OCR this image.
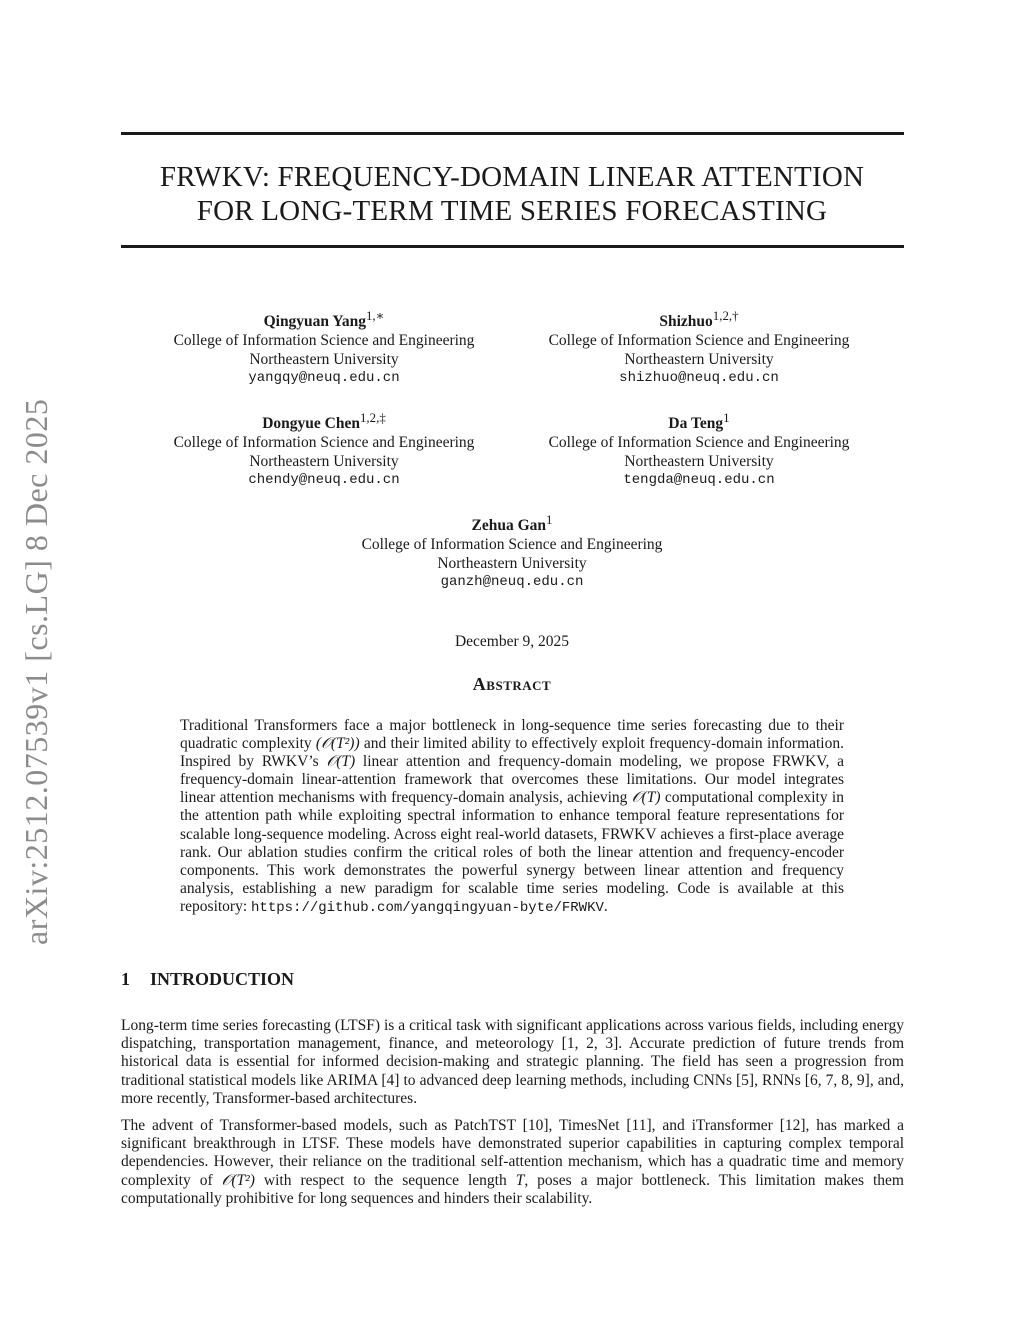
arXiv:2512.07539v1 [cs.LG] 8 Dec 2025
FRWKV: FREQUENCY-DOMAIN LINEAR ATTENTION
FOR LONG-TERM TIME SERIES FORECASTING
Qingyuan Yang$^{1,∗}$
College of Information Science and Engineering
Northeastern University
yangqy@neuq.edu.cn
Shizhuo$^{1,2,\dagger}$
College of Information Science and Engineering
Northeastern University
shizhuo@neuq.edu.cn
Dongyue Chen$^{1,2,\ddagger}$
College of Information Science and Engineering
Northeastern University
chendy@neuq.edu.cn
Da Teng$^1$
College of Information Science and Engineering
Northeastern University
tengda@neuq.edu.cn
Zehua Gan$^1$
College of Information Science and Engineering
Northeastern University
ganzh@neuq.edu.cn
December 9, 2025
Abstract
Traditional Transformers face a major bottleneck in long-sequence time series forecasting due to their quadratic complexity (𝒪(T²)) and their limited ability to effectively exploit frequency-domain information. Inspired by RWKV’s 𝒪(T) linear attention and frequency-domain modeling, we propose FRWKV, a frequency-domain linear-attention framework that overcomes these limitations. Our model integrates linear attention mechanisms with frequency-domain analysis, achieving 𝒪(T) computational complexity in the attention path while exploiting spectral information to enhance temporal feature representations for scalable long-sequence modeling. Across eight real-world datasets, FRWKV achieves a first-place average rank. Our ablation studies confirm the critical roles of both the linear attention and frequency-encoder components. This work demonstrates the powerful synergy between linear attention and frequency analysis, establishing a new paradigm for scalable time series modeling. Code is available at this repository: https://github.com/yangqingyuan-byte/FRWKV.
1 INTRODUCTION

Long-term time series forecasting (LTSF) is a critical task with significant applications across various fields, including energy dispatching, transportation management, finance, and meteorology [1, 2, 3]. Accurate prediction of future trends from historical data is essential for informed decision-making and strategic planning. The field has seen a progression from traditional statistical models like ARIMA [4] to advanced deep learning methods, including CNNs [5], RNNs [6, 7, 8, 9], and, more recently, Transformer-based architectures.

The advent of Transformer-based models, such as PatchTST [10], TimesNet [11], and iTransformer [12], has marked a significant breakthrough in LTSF. These models have demonstrated superior capabilities in capturing complex temporal dependencies. However, their reliance on the traditional self-attention mechanism, which has a quadratic time and memory complexity of 𝒪(T²) with respect to the sequence length T, poses a major bottleneck. This limitation makes them computationally prohibitive for long sequences and hinders their scalability.
